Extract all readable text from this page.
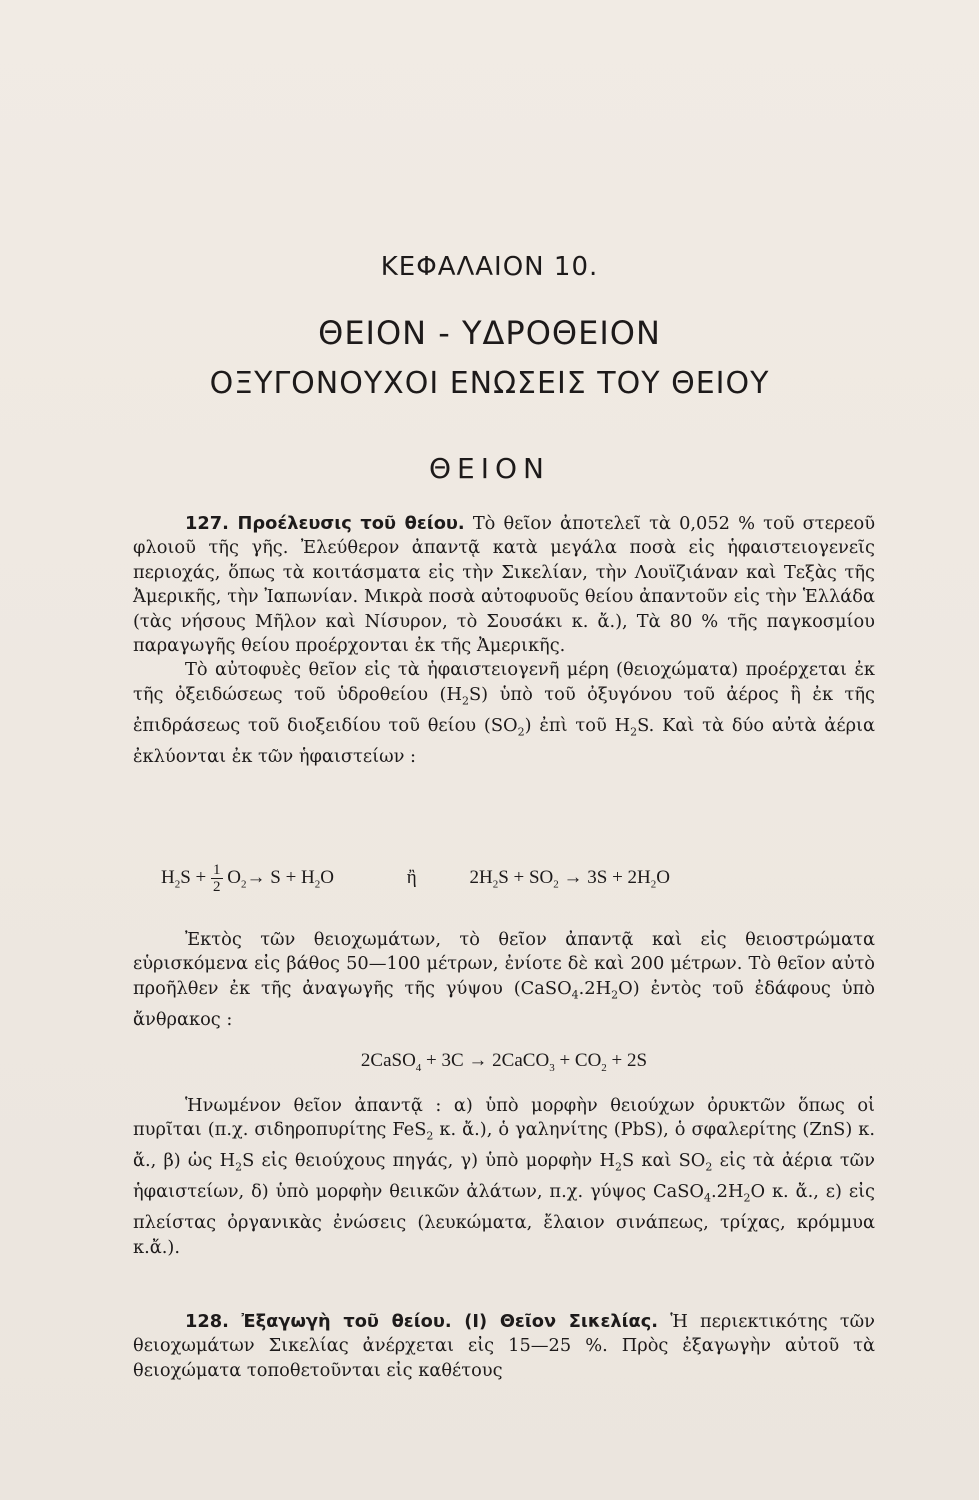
ΚΕΦΑΛΑΙΟΝ 10.
ΘΕΙΟΝ - ΥΔΡΟΘΕΙΟΝ
ΟΞΥΓΟΝΟΥΧΟΙ ΕΝΩΣΕΙΣ ΤΟΥ ΘΕΙΟΥ
ΘΕΙΟΝ

127. Προέλευσις τοῦ θείου. Τὸ θεῖον ἀποτελεῖ τὰ 0,052 % τοῦ στερεοῦ φλοιοῦ τῆς γῆς. Ἐλεύθερον ἀπαντᾷ κατὰ μεγάλα ποσὰ εἰς ἡφαιστειογενεῖς περιοχάς, ὅπως τὰ κοιτάσματα εἰς τὴν Σικελίαν, τὴν Λουϊζιάναν καὶ Τεξὰς τῆς Ἀμερικῆς, τὴν Ἰαπωνίαν. Μικρὰ ποσὰ αὐτοφυοῦς θείου ἀπαντοῦν εἰς τὴν Ἑλλάδα (τὰς νήσους Μῆλον καὶ Νίσυρον, τὸ Σουσάκι κ. ἄ.), Τὰ 80 % τῆς παγκοσμίου παραγωγῆς θείου προέρχονται ἐκ τῆς Ἀμερικῆς.

Τὸ αὐτοφυὲς θεῖον εἰς τὰ ἡφαιστειογενῆ μέρη (θειοχώματα) προέρχεται ἐκ τῆς ὀξειδώσεως τοῦ ὑδροθείου $(H_2S)$ ὑπὸ τοῦ ὀξυγόνου τοῦ ἀέρος ἢ ἐκ τῆς ἐπιδράσεως τοῦ διοξειδίου τοῦ θείου $(SO_2)$ ἐπὶ τοῦ $H_2S$. Καὶ τὰ δύο αὐτὰ ἀέρια ἐκλύονται ἐκ τῶν ἡφαιστείων :

$H_2S + \frac{1}{2} O_2\to S + H_2O$	ἢ	$2H_2S + SO_2 \to 3S + 2H_2O$

Ἐκτὸς τῶν θειοχωμάτων, τὸ θεῖον ἀπαντᾷ καὶ εἰς θειοστρώματα εὑρισκόμενα εἰς βάθος 50—100 μέτρων, ἐνίοτε δὲ καὶ 200 μέτρων. Τὸ θεῖον αὐτὸ προῆλθεν ἐκ τῆς ἀναγωγῆς τῆς γύψου $(CaSO_4.2H_2O)$ ἐντὸς τοῦ ἐδάφους ὑπὸ ἄνθρακος :

2CaSO$_4$ + 3C → 2CaCO$_3$ + $CO_2 + 2S$

Ἡνωμένον θεῖον ἀπαντᾷ : α) ὑπὸ μορφὴν θειούχων ὀρυκτῶν ὅπως οἱ πυρῖται (π.χ. σιδηροπυρίτης FeS$_2$ κ. ἄ.), ὁ γαληνίτης (PbS), ὁ σφαλερίτης (ZnS) κ. ἄ., β) ὡς $H_2S$ εἰς θειούχους πηγάς, γ) ὑπὸ μορφὴν $H_2S$ καὶ $SO_2$ εἰς τὰ ἀέρια τῶν ἡφαιστείων, δ) ὑπὸ μορφὴν θειικῶν ἀλάτων, π.χ. γύψος $CaSO_4.2H_2O$ κ. ἄ., ε) εἰς πλείστας ὀργανικὰς ἐνώσεις (λευκώματα, ἔλαιον σινάπεως, τρίχας, κρόμμυα κ.ἄ.).

128. Ἐξαγωγὴ τοῦ θείου. (I) Θεῖον Σικελίας. Ἡ περιεκτικότης τῶν θειοχωμάτων Σικελίας ἀνέρχεται εἰς 15—25 %. Πρὸς ἐξαγωγὴν αὐτοῦ τὰ θειοχώματα τοποθετοῦνται εἰς καθέτους
